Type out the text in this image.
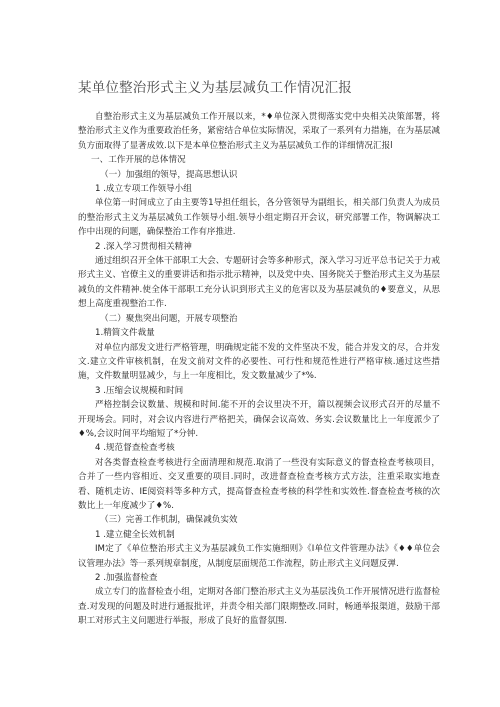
某单位整治形式主义为基层减负工作情况汇报

自整治形式主义为基层减负工作开展以来，*♦单位深入贯彻落实党中央相关决策部署，将整治形式主义作为重要政治任务，紧密结合单位实际情况，采取了一系列有力措施，在为基层减负方面取得了显著成效.以下是本单位整治形式主义为基层减负工作的详细情况汇报l

一、工作开展的总体情况

（一）加强组的领导，提高思想认识

1 .成立专项工作领导小组

单位第一时间成立了由主要等1导担任组长，各分管领导为副组长，相关部门负责人为成员的整治形式主义为基层减负工作领导小组.领导小组定期召开会议，研究部署工作，物调解决工作中出现的问题，确保整治工作有序推进.

2 .深入学习贯彻相关精神

通过组织召开全体干部职工大会、专题研讨会等多种形式，深入学习习近平总书记关于力戒形式主义、官僚主义的重要讲话和指示批示精神，以及党中央、国务院关于整治形式主义为基层减负的文件精神.使全体干部职工充分认识到形式主义的危害以及为基层减负的♦要意义，从思想上高度重视整治工作.

（二）聚焦突出问题，开展专项整治

1.精简文件裁量

对单位内部发文进行严格管理，明确规定能不发的文件坚决不发，能合并发文的尽，合并发文.建立文件审核机制，在发文前对文件的必要性、可行性和规范性进行严格审核.通过这些措施，文件数量明显减少，与上一年度相比，发文数量减少了*%.

3 .压缩会议规模和时间

严格控制会议数量、规模和时间.能不开的会议里决不开，篇以视频会议形式召开的尽量不开现场会。同时，对会议内容进行严格把关，确保会议高效、务实.会议数量比上一年度派少了♦%,会议时间平均缩短了*分钟.

4 .规范督查检查考核

对各类督查检查考核进行全面清理和规范.取消了一些没有实际意义的督查检查考核项目，合并了一些内容相近、交叉重要的项目.同时，改进督查检查考核方式方法，注重采取实地查看、随机走访、IE阅资料等多种方式，提高督查检查考核的科学性和实效性.督查检查考核的次数比上一年度减少了♦%.

（三）完善工作机制，确保减负实效

1 .建立健全长效机制

IM定了《单位整治形式主义为基层减负工作实施细则》《I单位文件管理办法》《♦♦单位会议管理办法》等一系列规章制度，从制度层面规范工作流程，防止形式主义问题反弹.

2 .加强监督检查

成立专门的监督检查小组，定期对各部门整治形式主义为基层浅负工作开展情况进行监督检查.对发现的问题及时进行通报批评，并责令相关部门限期整改.同时，畅通举报渠道，鼓励干部职工对形式主义问题进行举报，形成了良好的监督氛围.
